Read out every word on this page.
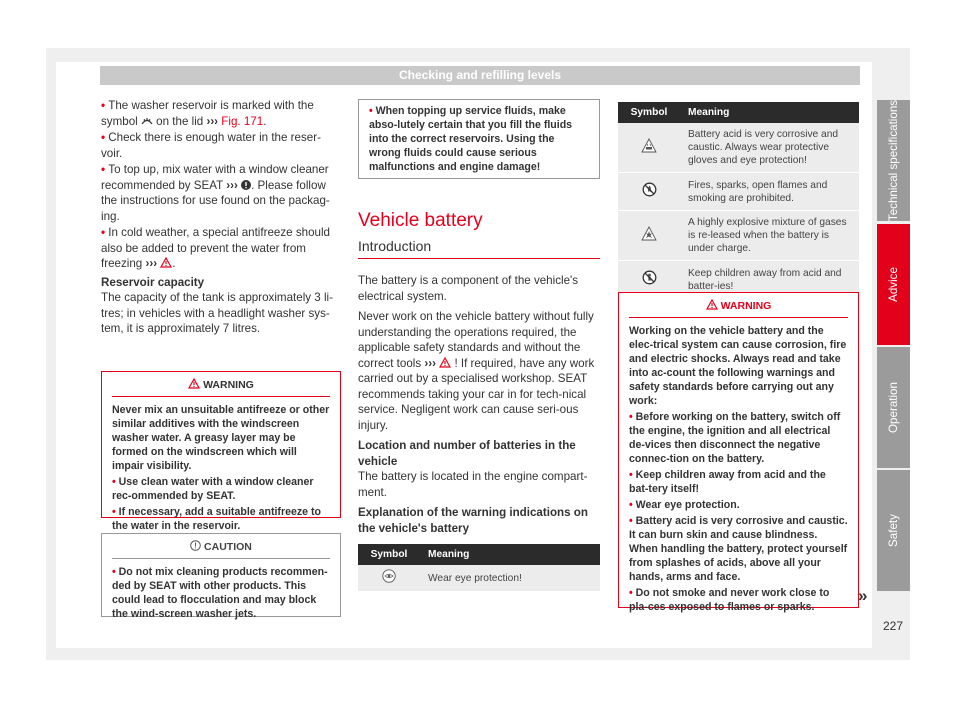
Checking and refilling levels

• The washer reservoir is marked with the symbol  on the lid ››› Fig. 171.

• Check there is enough water in the reser-voir.

• To top up, mix water with a window cleaner recommended by SEAT ››› . Please follow the instructions for use found on the packag-ing.

• In cold weather, a special antifreeze should also be added to prevent the water from freezing ››› .

Reservoir capacity

The capacity of the tank is approximately 3 li-tres; in vehicles with a headlight washer sys-tem, it is approximately 7 litres.

WARNING

Never mix an unsuitable antifreeze or other similar additives with the windscreen washer water. A greasy layer may be formed on the windscreen which will impair visibility.

• Use clean water with a window cleaner rec-ommended by SEAT.

• If necessary, add a suitable antifreeze to the water in the reservoir.

CAUTION

• Do not mix cleaning products recommen-ded by SEAT with other products. This could lead to flocculation and may block the wind-screen washer jets.

• When topping up service fluids, make abso-lutely certain that you fill the fluids into the correct reservoirs. Using the wrong fluids could cause serious malfunctions and engine damage!

Vehicle battery
Introduction

The battery is a component of the vehicle's electrical system.

Never work on the vehicle battery without fully understanding the operations required, the applicable safety standards and without the correct tools ››› ! If required, have any work carried out by a specialised workshop. SEAT recommends taking your car in for tech-nical service. Negligent work can cause seri-ous injury.

Location and number of batteries in the vehicle

The battery is located in the engine compart-ment.

Explanation of the warning indications on the vehicle's battery
Symbol	Meaning
	Wear eye protection!
Symbol	Meaning
	Battery acid is very corrosive and caustic. Always wear protective gloves and eye protection!
	Fires, sparks, open flames and smoking are prohibited.
	A highly explosive mixture of gases is re-leased when the battery is under charge.
	Keep children away from acid and batter-ies!
WARNING

Working on the vehicle battery and the elec-trical system can cause corrosion, fire and electric shocks. Always read and take into ac-count the following warnings and safety standards before carrying out any work:

• Before working on the battery, switch off the engine, the ignition and all electrical de-vices then disconnect the negative connec-tion on the battery.

• Keep children away from acid and the bat-tery itself!

• Wear eye protection.

• Battery acid is very corrosive and caustic. It can burn skin and cause blindness. When handling the battery, protect yourself from splashes of acids, above all your hands, arms and face.

• Do not smoke and never work close to pla-ces exposed to flames or sparks.

»
Technical specifications
Advice
Operation
Safety
227
